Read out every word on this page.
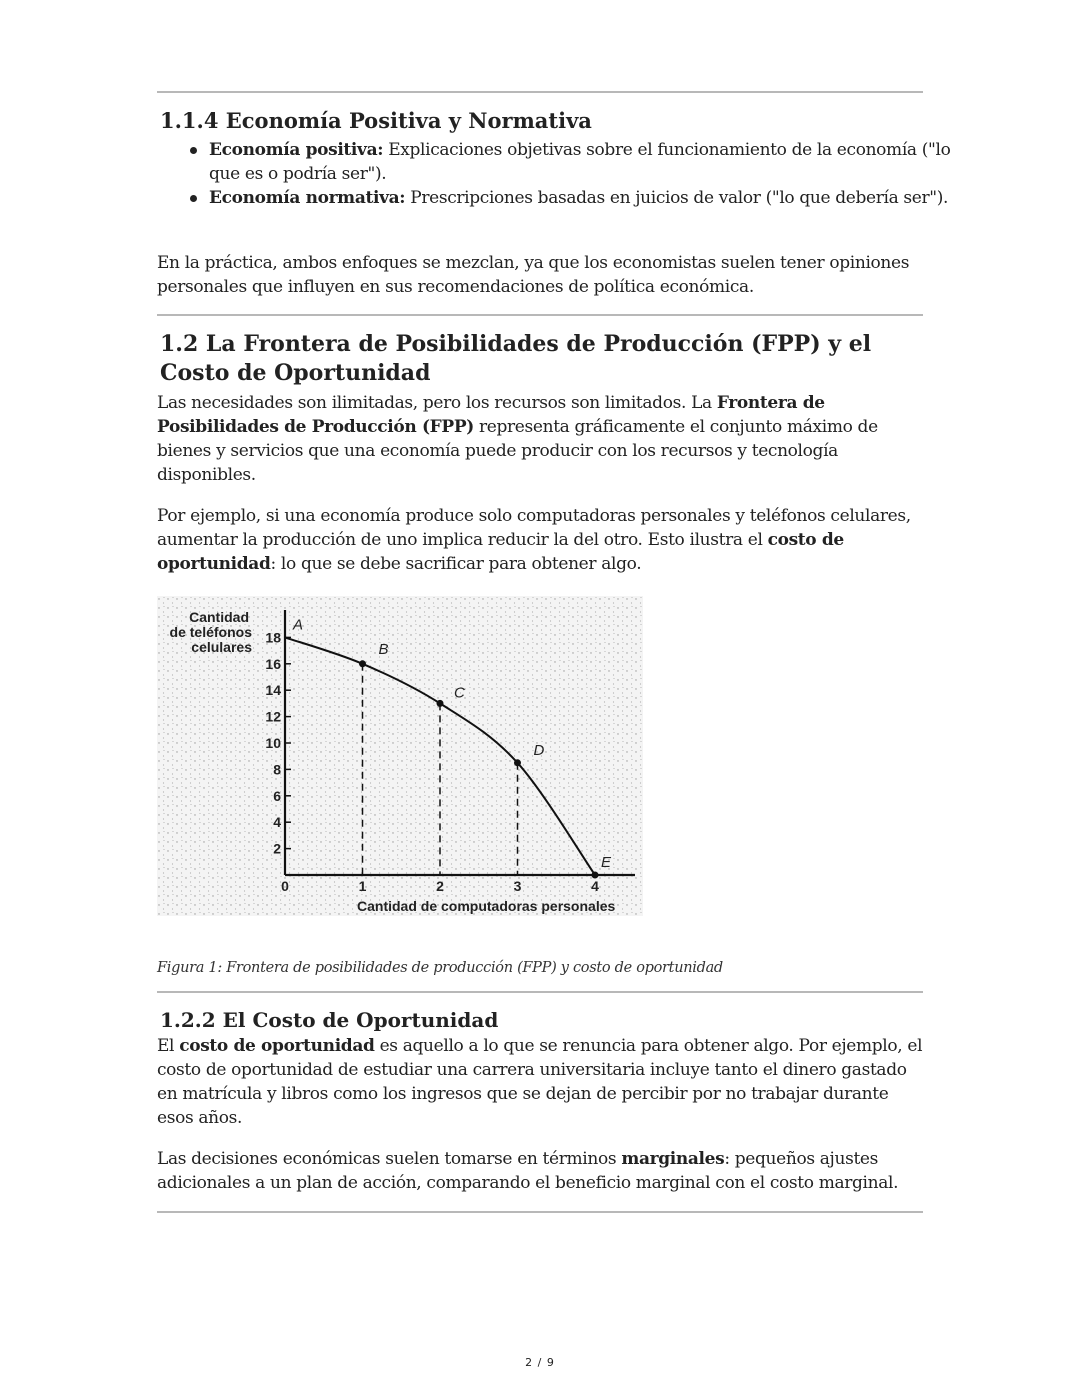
1.1.4 Economía Positiva y Normativa
Economía positiva: Explicaciones objetivas sobre el funcionamiento de la economía ("lo que es o podría ser").
Economía normativa: Prescripciones basadas en juicios de valor ("lo que debería ser").

En la práctica, ambos enfoques se mezclan, ya que los economistas suelen tener opiniones personales que influyen en sus recomendaciones de política económica.

1.2 La Frontera de Posibilidades de Producción (FPP) y el Costo de Oportunidad

Las necesidades son ilimitadas, pero los recursos son limitados. La Frontera de Posibilidades de Producción (FPP) representa gráficamente el conjunto máximo de bienes y servicios que una economía puede producir con los recursos y tecnología disponibles.

Por ejemplo, si una economía produce solo computadoras personales y teléfonos celulares, aumentar la producción de uno implica reducir la del otro. Esto ilustra el costo de oportunidad: lo que se debe sacrificar para obtener algo.

2
4
6
8
10
12
14
16
18
0	1	2	3	4
Cantidad
de teléfonos
celulares
Cantidad de computadoras personales
A
B
C
D
E

Figura 1: Frontera de posibilidades de producción (FPP) y costo de oportunidad

1.2.2 El Costo de Oportunidad

El costo de oportunidad es aquello a lo que se renuncia para obtener algo. Por ejemplo, el costo de oportunidad de estudiar una carrera universitaria incluye tanto el dinero gastado en matrícula y libros como los ingresos que se dejan de percibir por no trabajar durante esos años.

Las decisiones económicas suelen tomarse en términos marginales: pequeños ajustes adicionales a un plan de acción, comparando el beneficio marginal con el costo marginal.

2 / 9
